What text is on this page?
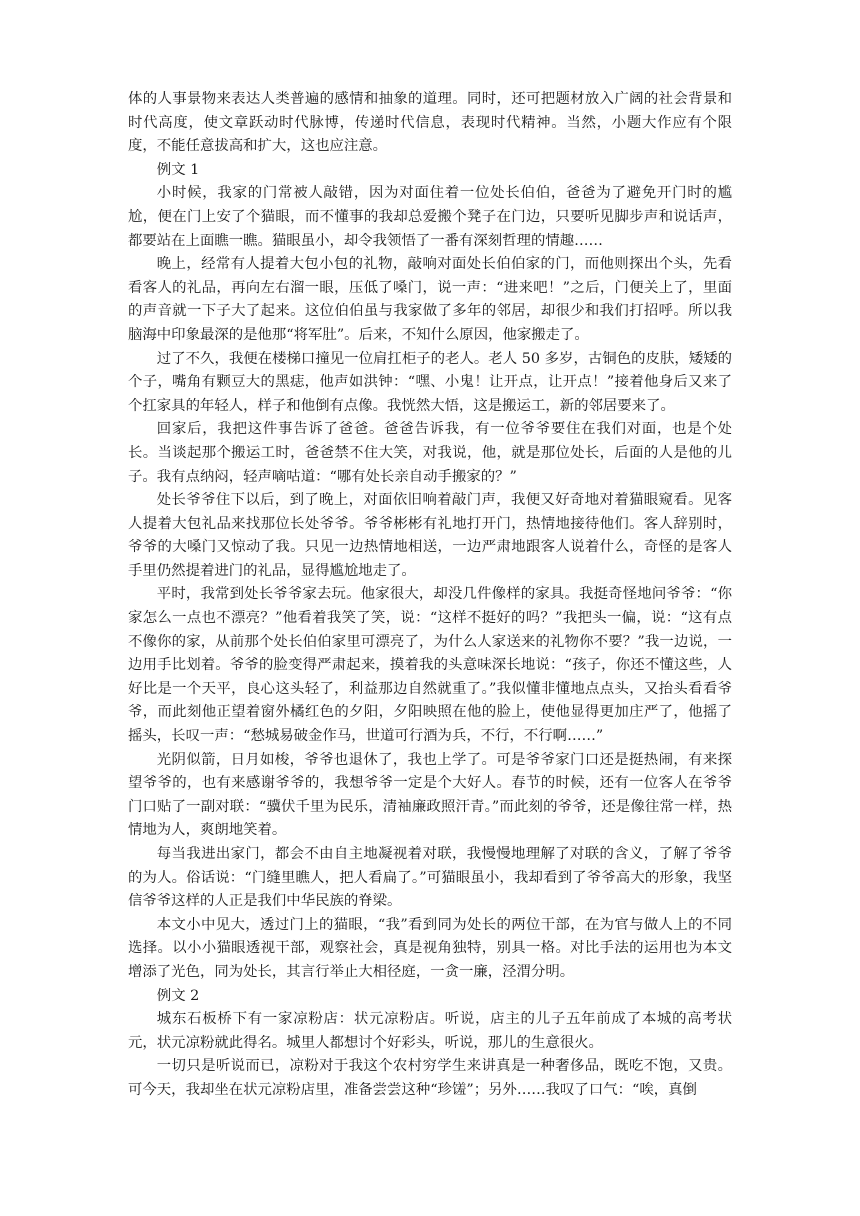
体的人事景物来表达人类普遍的感情和抽象的道理。同时，还可把题材放入广阔的社会背景和时代高度，使文章跃动时代脉博，传递时代信息，表现时代精神。当然，小题大作应有个限度，不能任意拔高和扩大，这也应注意。

例文 1

小时候，我家的门常被人敲错，因为对面住着一位处长伯伯，爸爸为了避免开门时的尴尬，便在门上安了个猫眼，而不懂事的我却总爱搬个凳子在门边，只要听见脚步声和说话声，都要站在上面瞧一瞧。猫眼虽小，却令我领悟了一番有深刻哲理的情趣……

晚上，经常有人提着大包小包的礼物，敲响对面处长伯伯家的门，而他则探出个头，先看看客人的礼品，再向左右溜一眼，压低了嗓门，说一声：“进来吧！”之后，门便关上了，里面的声音就一下子大了起来。这位伯伯虽与我家做了多年的邻居，却很少和我们打招呼。所以我脑海中印象最深的是他那“将军肚”。后来，不知什么原因，他家搬走了。

过了不久，我便在楼梯口撞见一位肩扛柜子的老人。老人 50 多岁，古铜色的皮肤，矮矮的个子，嘴角有颗豆大的黑痣，他声如洪钟：“嘿、小鬼！让开点，让开点！”接着他身后又来了个扛家具的年轻人，样子和他倒有点像。我恍然大悟，这是搬运工，新的邻居要来了。

回家后，我把这件事告诉了爸爸。爸爸告诉我，有一位爷爷要住在我们对面，也是个处长。当谈起那个搬运工时，爸爸禁不住大笑，对我说，他，就是那位处长，后面的人是他的儿子。我有点纳闷，轻声嘀咕道：“哪有处长亲自动手搬家的？”

处长爷爷住下以后，到了晚上，对面依旧响着敲门声，我便又好奇地对着猫眼窥看。见客人提着大包礼品来找那位长处爷爷。爷爷彬彬有礼地打开门，热情地接待他们。客人辞别时，爷爷的大嗓门又惊动了我。只见一边热情地相送，一边严肃地跟客人说着什么，奇怪的是客人手里仍然提着进门的礼品，显得尴尬地走了。

平时，我常到处长爷爷家去玩。他家很大，却没几件像样的家具。我挺奇怪地问爷爷：“你家怎么一点也不漂亮？”他看着我笑了笑，说：“这样不挺好的吗？”我把头一偏，说：“这有点不像你的家，从前那个处长伯伯家里可漂亮了，为什么人家送来的礼物你不要？”我一边说，一边用手比划着。爷爷的脸变得严肃起来，摸着我的头意味深长地说：“孩子，你还不懂这些，人好比是一个天平，良心这头轻了，利益那边自然就重了。”我似懂非懂地点点头，又抬头看看爷爷，而此刻他正望着窗外橘红色的夕阳，夕阳映照在他的脸上，使他显得更加庄严了，他摇了摇头，长叹一声：“愁城易破金作马，世道可行酒为兵，不行，不行啊……”

光阴似箭，日月如梭，爷爷也退休了，我也上学了。可是爷爷家门口还是挺热闹，有来探望爷爷的，也有来感谢爷爷的，我想爷爷一定是个大好人。春节的时候，还有一位客人在爷爷门口贴了一副对联：“骥伏千里为民乐，清袖廉政照汗青。”而此刻的爷爷，还是像往常一样，热情地为人，爽朗地笑着。

每当我进出家门，都会不由自主地凝视着对联，我慢慢地理解了对联的含义，了解了爷爷的为人。俗话说：“门缝里瞧人，把人看扁了。”可猫眼虽小，我却看到了爷爷高大的形象，我坚信爷爷这样的人正是我们中华民族的脊梁。

本文小中见大，透过门上的猫眼，“我”看到同为处长的两位干部，在为官与做人上的不同选择。以小小猫眼透视干部，观察社会，真是视角独特，别具一格。对比手法的运用也为本文增添了光色，同为处长，其言行举止大相径庭，一贪一廉，泾渭分明。

例文 2

城东石板桥下有一家凉粉店：状元凉粉店。听说，店主的儿子五年前成了本城的高考状元，状元凉粉就此得名。城里人都想讨个好彩头，听说，那儿的生意很火。

一切只是听说而已，凉粉对于我这个农村穷学生来讲真是一种奢侈品，既吃不饱，又贵。可今天，我却坐在状元凉粉店里，准备尝尝这种“珍馐”；另外……我叹了口气：“唉，真倒
